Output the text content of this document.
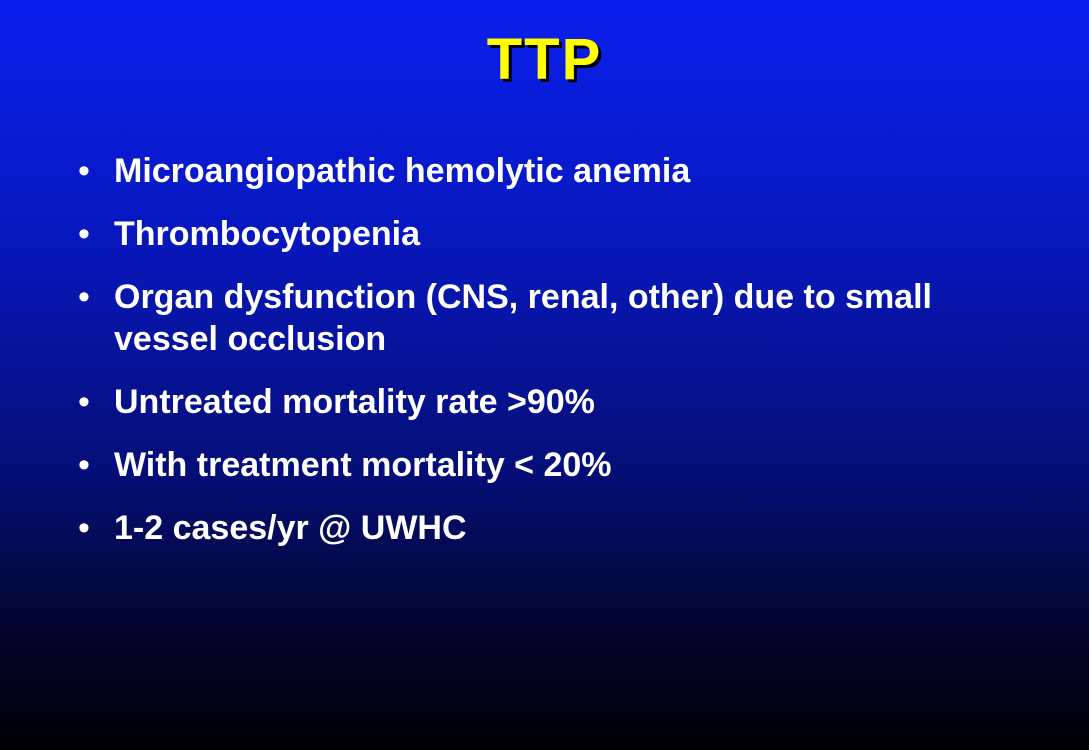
TTP
• Microangiopathic hemolytic anemia
• Thrombocytopenia
• Organ dysfunction (CNS, renal, other) due to small vessel occlusion
• Untreated mortality rate >90%
• With treatment mortality < 20%
• 1-2 cases/yr @ UWHC
